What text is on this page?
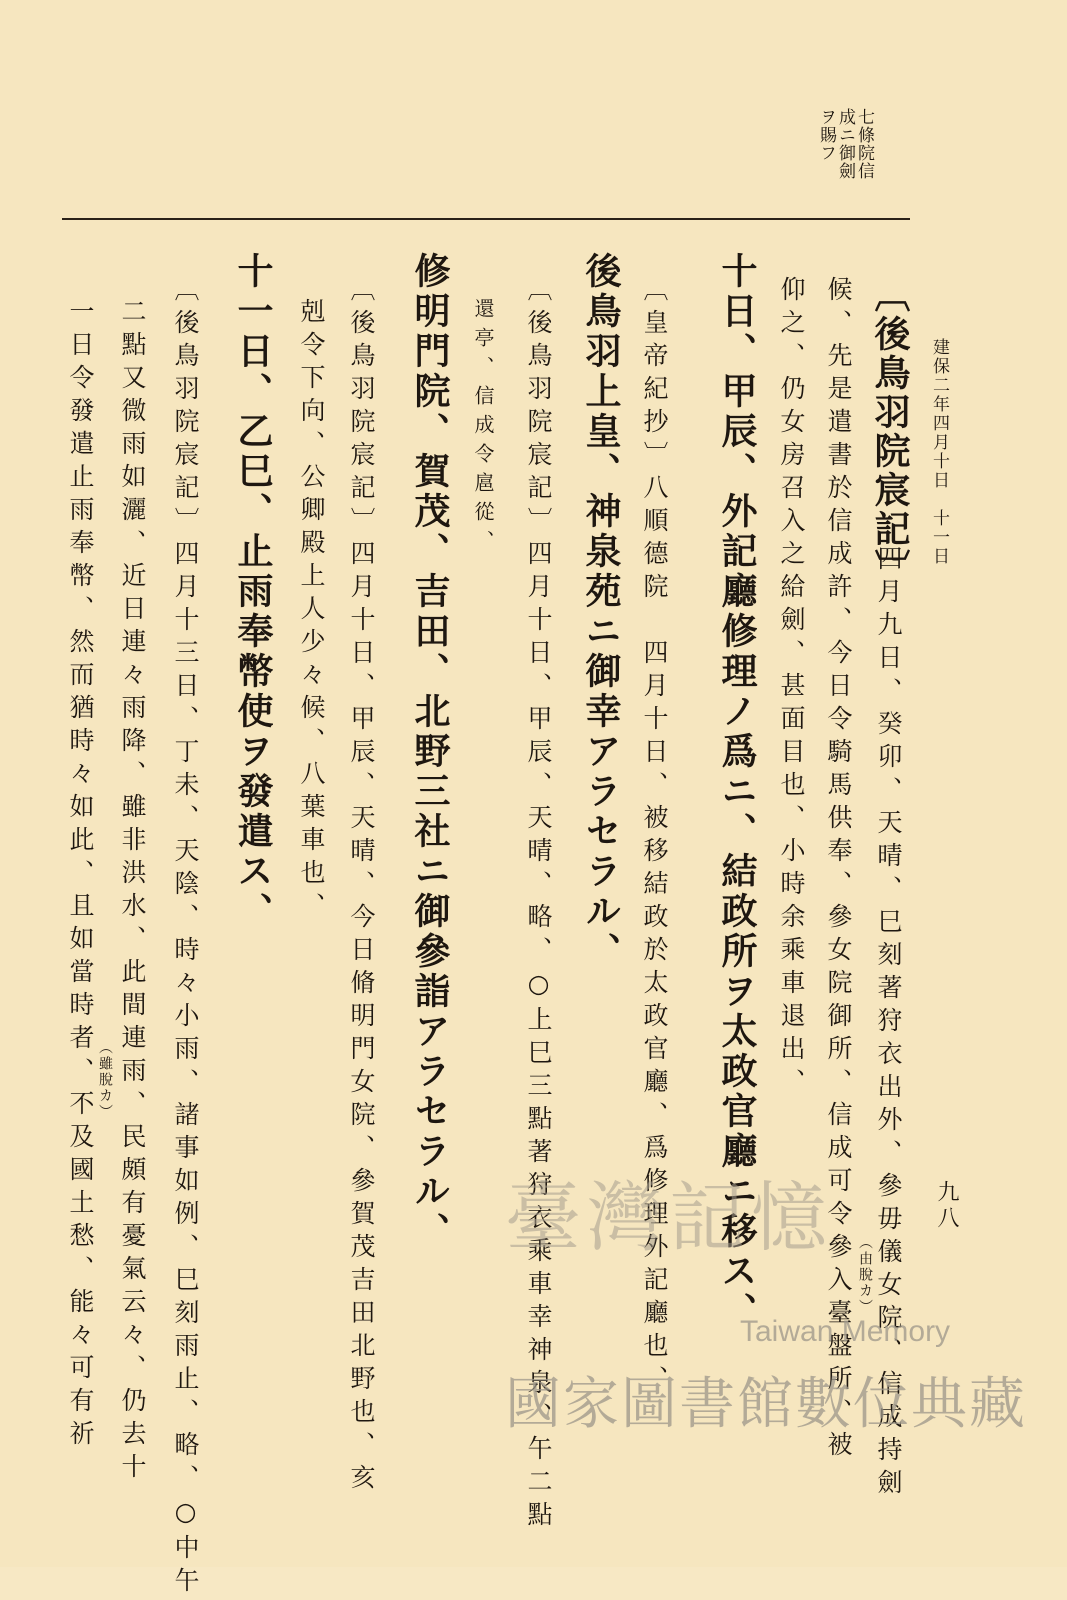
建保二年四月十日　十一日
七條院信
成ニ御劍
ヲ賜フ
〔後鳥羽院宸記〕
四月九日、癸卯、天晴、巳刻著狩衣出外、參毋儀女院、信成持劍
候、先是遣書於信成許、今日令騎馬供奉、參女院御所、信成可令參入臺盤所、被
仰之、仍女房召入之給劍、甚面目也、小時余乘車退出、
十日、甲辰、外記廳修理ノ爲ニ、結政所ヲ太政官廳ニ移ス、
〔皇帝紀抄〕八順德院　四月十日、被移結政於太政官廳、爲修理外記廳也、
後鳥羽上皇、神泉苑ニ御幸アラセラル、
〔後鳥羽院宸記〕四月十日、甲辰、天晴、略、○上巳三點著狩衣乘車幸神泉、午二點
還亭、信成令扈從、
修明門院、賀茂、吉田、北野三社ニ御參詣アラセラル、
〔後鳥羽院宸記〕四月十日、甲辰、天晴、今日脩明門女院、參賀茂吉田北野也、亥
剋令下向、公卿殿上人少々候、八葉車也、
十一日、乙巳、止雨奉幣使ヲ發遣ス、
〔後鳥羽院宸記〕四月十三日、丁未、天陰、時々小雨、諸事如例、巳刻雨止、略、○中午
二點又微雨如灑、近日連々雨降、雖非洪水、此間連雨、民頗有憂氣云々、仍去十
一日令發遣止雨奉幣、然而猶時々如此、且如當時者、不及國土愁、能々可有祈	（由脫カ）
（雖脫カ）
九八
臺灣記憶
Taiwan Memory
國家圖書館數位典藏
